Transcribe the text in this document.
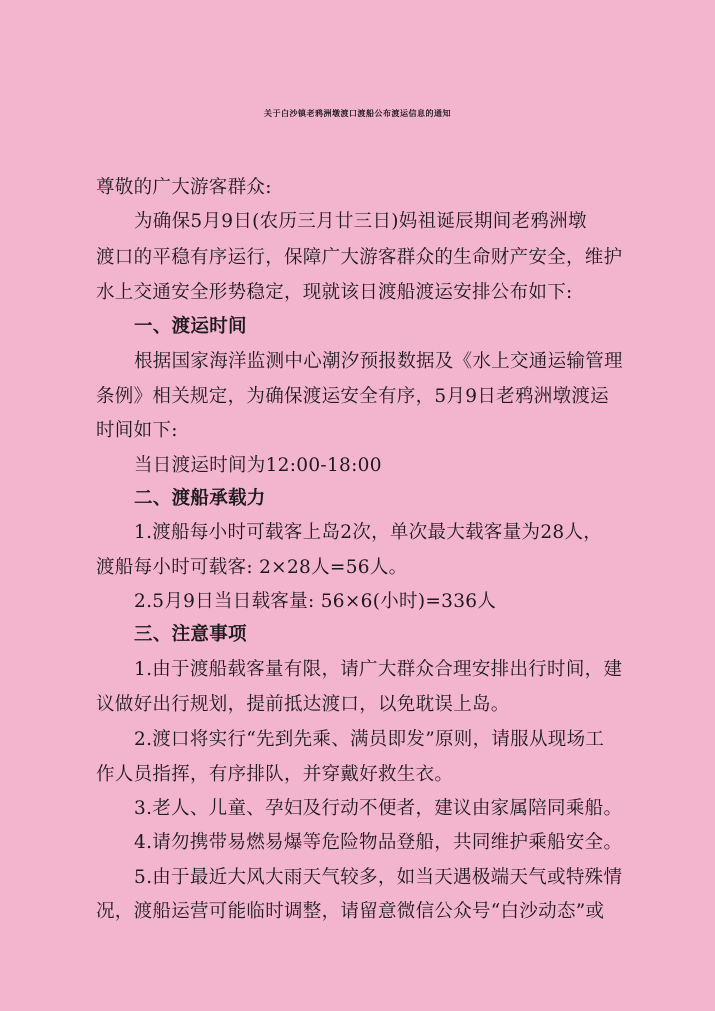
关于白沙镇老鸦洲墩渡口渡船公布渡运信息的通知
尊敬的广大游客群众:
为确保5月9日(农历三月廿三日)妈祖诞辰期间老鸦洲墩
渡口的平稳有序运行，保障广大游客群众的生命财产安全，维护
水上交通安全形势稳定，现就该日渡船渡运安排公布如下:
一、渡运时间
根据国家海洋监测中心潮汐预报数据及《水上交通运输管理
条例》相关规定，为确保渡运安全有序，5月9日老鸦洲墩渡运
时间如下:
当日渡运时间为12:00-18:00
二、渡船承载力
1.渡船每小时可载客上岛2次，单次最大载客量为28人，
渡船每小时可载客: 2×28人=56人。
2.5月9日当日载客量: 56×6(小时)=336人
三、注意事项
1.由于渡船载客量有限，请广大群众合理安排出行时间，建
议做好出行规划，提前抵达渡口，以免耽误上岛。
2.渡口将实行“先到先乘、满员即发”原则，请服从现场工
作人员指挥，有序排队，并穿戴好救生衣。
3.老人、儿童、孕妇及行动不便者，建议由家属陪同乘船。
4.请勿携带易燃易爆等危险物品登船，共同维护乘船安全。
5.由于最近大风大雨天气较多，如当天遇极端天气或特殊情
况，渡船运营可能临时调整，请留意微信公众号“白沙动态”或
